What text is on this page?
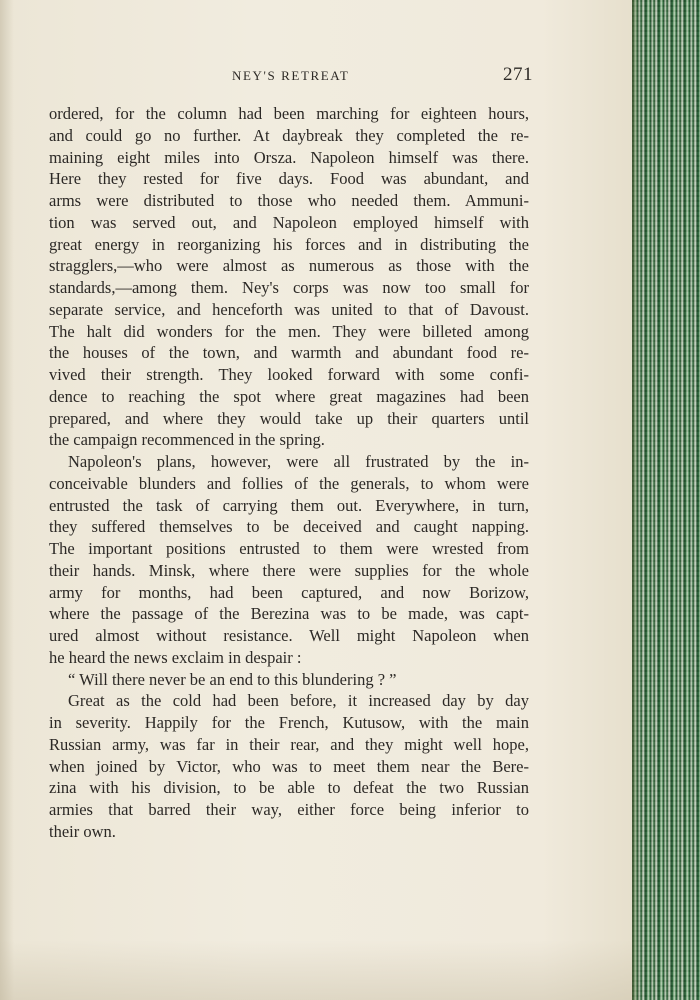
NEY'S RETREAT	271
ordered, for the column had been marching for eighteen hours,
and could go no further. At daybreak they completed the re-
maining eight miles into Orsza. Napoleon himself was there.
Here they rested for five days. Food was abundant, and
arms were distributed to those who needed them. Ammuni-
tion was served out, and Napoleon employed himself with
great energy in reorganizing his forces and in distributing the
stragglers,—who were almost as numerous as those with the
standards,—among them. Ney's corps was now too small for
separate service, and henceforth was united to that of Davoust.
The halt did wonders for the men. They were billeted among
the houses of the town, and warmth and abundant food re-
vived their strength. They looked forward with some confi-
dence to reaching the spot where great magazines had been
prepared, and where they would take up their quarters until
the campaign recommenced in the spring.
Napoleon's plans, however, were all frustrated by the in-
conceivable blunders and follies of the generals, to whom were
entrusted the task of carrying them out. Everywhere, in turn,
they suffered themselves to be deceived and caught napping.
The important positions entrusted to them were wrested from
their hands. Minsk, where there were supplies for the whole
army for months, had been captured, and now Borizow,
where the passage of the Berezina was to be made, was capt-
ured almost without resistance. Well might Napoleon when
he heard the news exclaim in despair :
“ Will there never be an end to this blundering ? ”
Great as the cold had been before, it increased day by day
in severity. Happily for the French, Kutusow, with the main
Russian army, was far in their rear, and they might well hope,
when joined by Victor, who was to meet them near the Bere-
zina with his division, to be able to defeat the two Russian
armies that barred their way, either force being inferior to
their own.
